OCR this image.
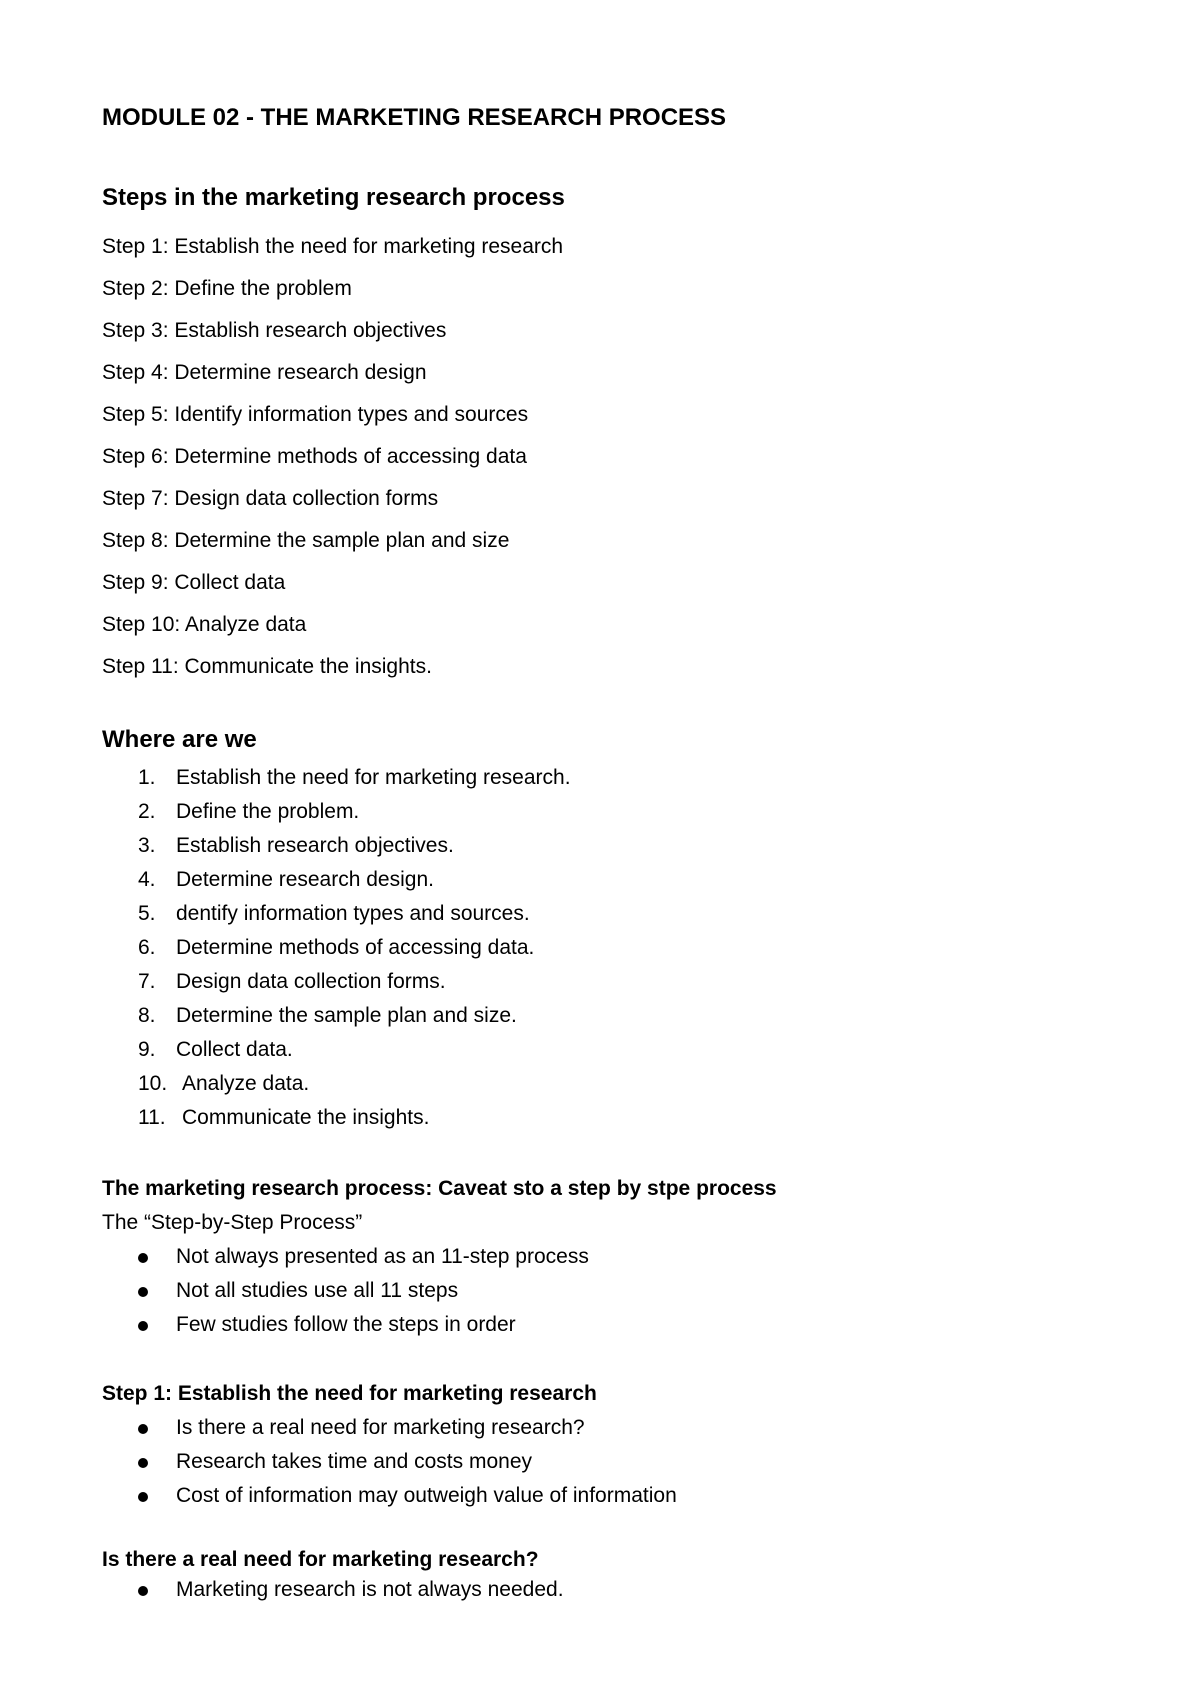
MODULE 02 - THE MARKETING RESEARCH PROCESS
Steps in the marketing research process
Step 1: Establish the need for marketing research
Step 2: Define the problem
Step 3: Establish research objectives
Step 4: Determine research design
Step 5: Identify information types and sources
Step 6: Determine methods of accessing data
Step 7: Design data collection forms
Step 8: Determine the sample plan and size
Step 9: Collect data
Step 10: Analyze data
Step 11: Communicate the insights.
Where are we
1. Establish the need for marketing research.
2. Define the problem.
3. Establish research objectives.
4. Determine research design.
5. dentify information types and sources.
6. Determine methods of accessing data.
7. Design data collection forms.
8. Determine the sample plan and size.
9. Collect data.
10. Analyze data.
11. Communicate the insights.
The marketing research process: Caveat sto a step by stpe process
The “Step-by-Step Process”
Not always presented as an 11-step process
Not all studies use all 11 steps
Few studies follow the steps in order
Step 1: Establish the need for marketing research
Is there a real need for marketing research?
Research takes time and costs money
Cost of information may outweigh value of information
Is there a real need for marketing research?
Marketing research is not always needed.
